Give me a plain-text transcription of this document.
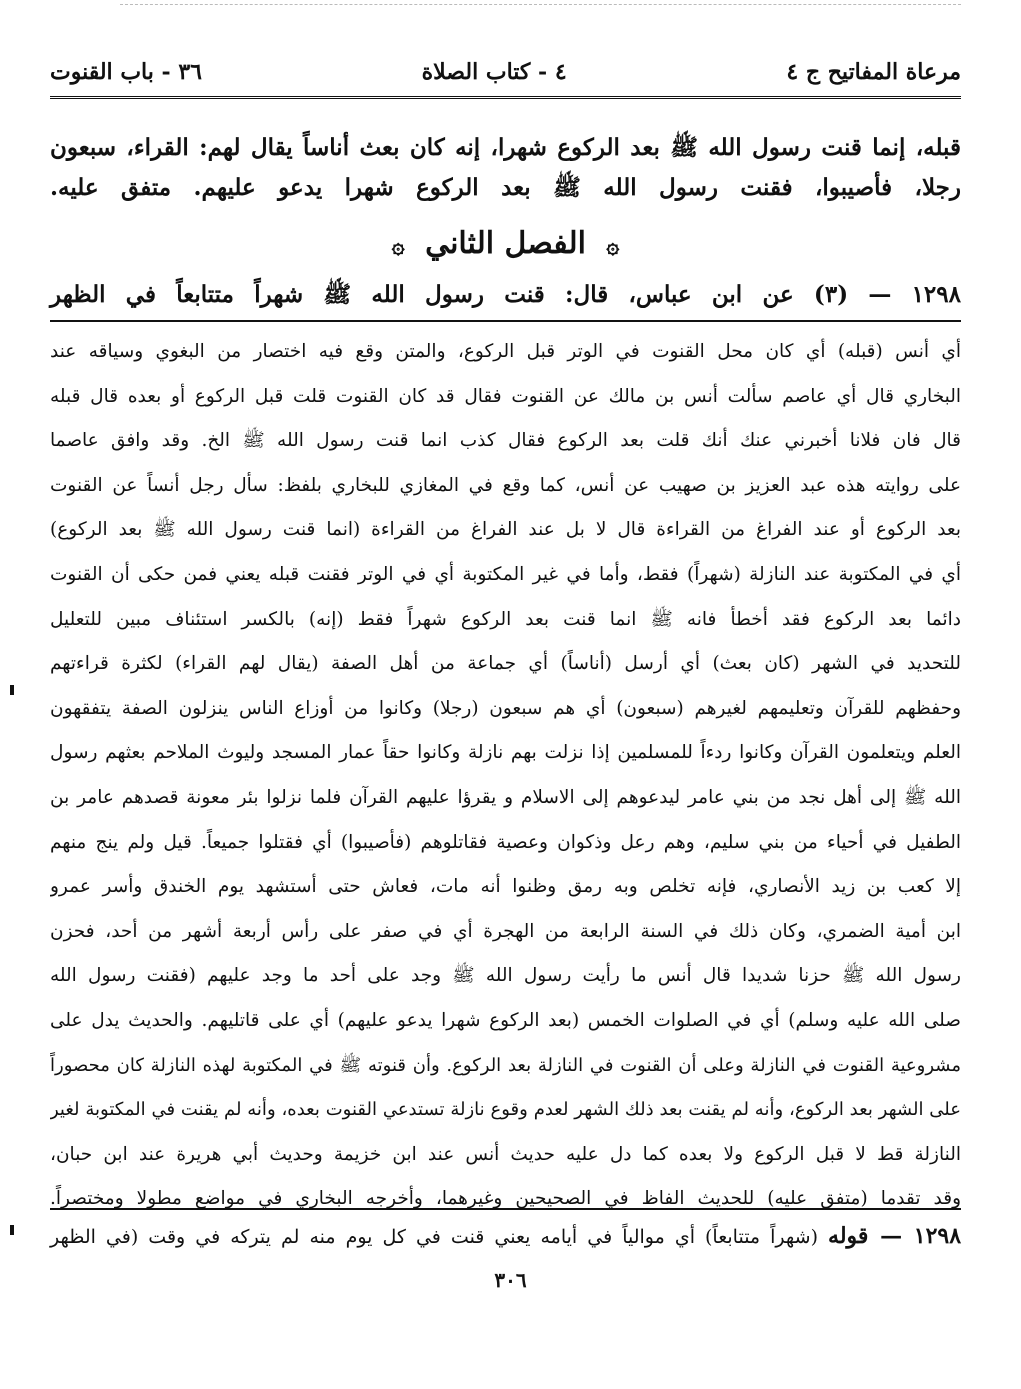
مرعاة المفاتيح ج ٤
٤ - كتاب الصلاة
٣٦ - باب القنوت
قبله، إنما قنت رسول الله ﷺ بعد الركوع شهرا، إنه كان بعث أناساً يقال لهم: القراء، سبعون
رجلا، فأصيبوا، فقنت رسول الله ﷺ بعد الركوع شهرا يدعو عليهم. متفق عليه.
۞ الفصل الثاني ۞
١٢٩٨ — (٣) عن ابن عباس، قال: قنت رسول الله ﷺ شهراً متتابعاً في الظهر
أي أنس (قبله) أي كان محل القنوت في الوتر قبل الركوع، والمتن وقع فيه اختصار من البغوي وسياقه عند
البخاري قال أي عاصم سألت أنس بن مالك عن القنوت فقال قد كان القنوت قلت قبل الركوع أو بعده قال قبله
قال فان فلانا أخبرني عنك أنك قلت بعد الركوع فقال كذب انما قنت رسول الله ﷺ الخ. وقد وافق عاصما
على روايته هذه عبد العزيز بن صهيب عن أنس، كما وقع في المغازي للبخاري بلفظ: سأل رجل أنساً عن القنوت
بعد الركوع أو عند الفراغ من القراءة قال لا بل عند الفراغ من القراءة (انما قنت رسول الله ﷺ بعد الركوع)
أي في المكتوبة عند النازلة (شهراً) فقط، وأما في غير المكتوبة أي في الوتر فقنت قبله يعني فمن حكى أن القنوت
دائما بعد الركوع فقد أخطأ فانه ﷺ انما قنت بعد الركوع شهراً فقط (إنه) بالكسر استئناف مبين للتعليل
للتحديد في الشهر (كان بعث) أي أرسل (أناساً) أي جماعة من أهل الصفة (يقال لهم القراء) لكثرة قراءتهم
وحفظهم للقرآن وتعليمهم لغيرهم (سبعون) أي هم سبعون (رجلا) وكانوا من أوزاع الناس ينزلون الصفة يتفقهون
العلم ويتعلمون القرآن وكانوا ردءاً للمسلمين إذا نزلت بهم نازلة وكانوا حقاً عمار المسجد وليوث الملاحم بعثهم رسول
الله ﷺ إلى أهل نجد من بني عامر ليدعوهم إلى الاسلام و يقرؤا عليهم القرآن فلما نزلوا بئر معونة قصدهم عامر بن
الطفيل في أحياء من بني سليم، وهم رعل وذكوان وعصية فقاتلوهم (فأصيبوا) أي فقتلوا جميعاً. قيل ولم ينج منهم
إلا كعب بن زيد الأنصاري، فإنه تخلص وبه رمق وظنوا أنه مات، فعاش حتى أستشهد يوم الخندق وأسر عمرو
ابن أمية الضمري، وكان ذلك في السنة الرابعة من الهجرة أي في صفر على رأس أربعة أشهر من أحد، فحزن
رسول الله ﷺ حزنا شديدا قال أنس ما رأيت رسول الله ﷺ وجد على أحد ما وجد عليهم (فقنت رسول الله
صلى الله عليه وسلم) أي في الصلوات الخمس (بعد الركوع شهرا يدعو عليهم) أي على قاتليهم. والحديث يدل على
مشروعية القنوت في النازلة وعلى أن القنوت في النازلة بعد الركوع. وأن قنوته ﷺ في المكتوبة لهذه النازلة كان محصوراً
على الشهر بعد الركوع، وأنه لم يقنت بعد ذلك الشهر لعدم وقوع نازلة تستدعي القنوت بعده، وأنه لم يقنت في المكتوبة لغير
النازلة قط لا قبل الركوع ولا بعده كما دل عليه حديث أنس عند ابن خزيمة وحديث أبي هريرة عند ابن حبان،
وقد تقدما (متفق عليه) للحديث الفاظ في الصحيحين وغيرهما، وأخرجه البخاري في مواضع مطولا ومختصراً.
١٢٩٨ — قوله (شهراً متتابعاً) أي موالياً في أيامه يعني قنت في كل يوم منه لم يتركه في وقت (في الظهر
٣٠٦
